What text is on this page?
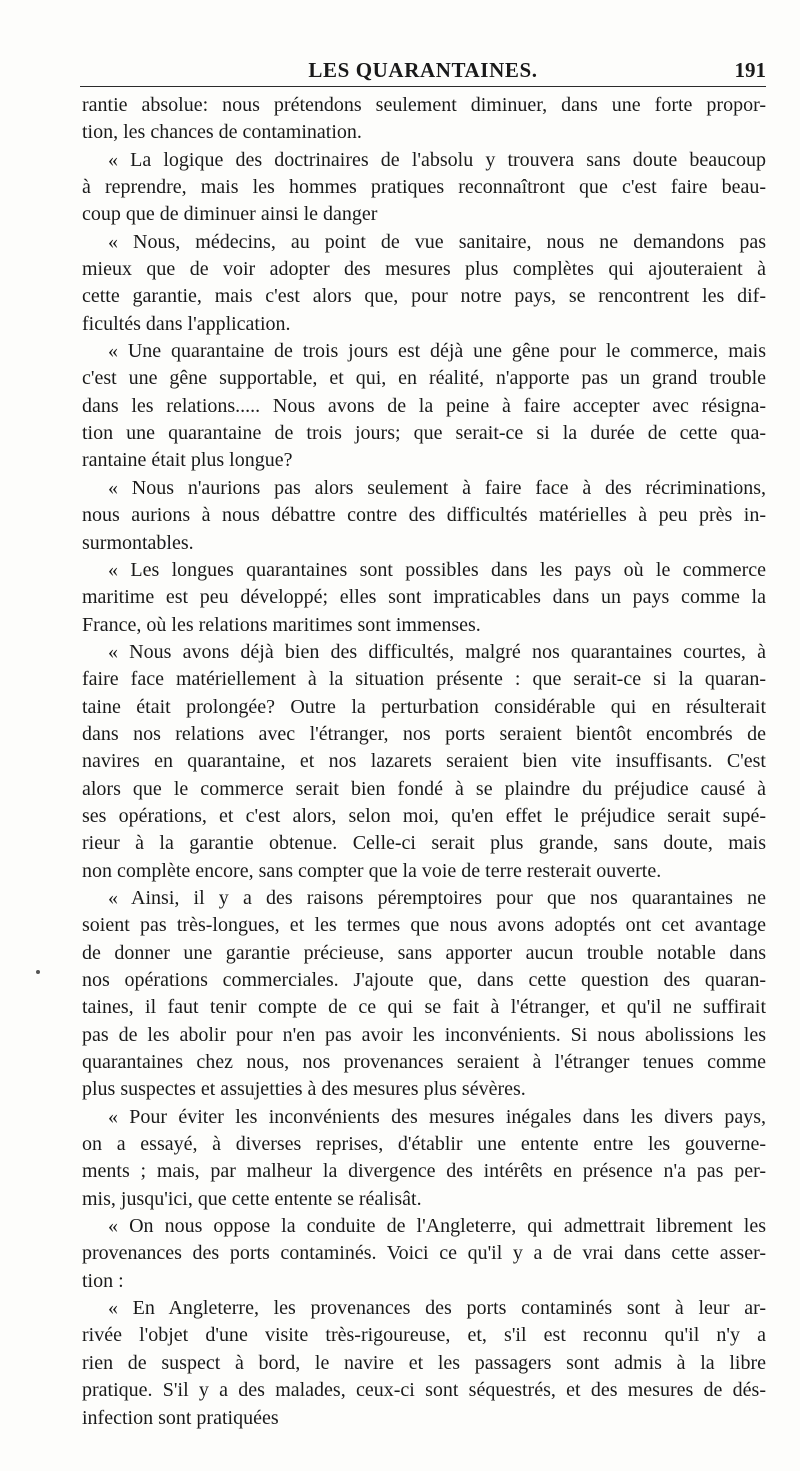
LES QUARANTAINES.	191
rantie absolue: nous prétendons seulement diminuer, dans une forte propor-
tion, les chances de contamination.
« La logique des doctrinaires de l'absolu y trouvera sans doute beaucoup
à reprendre, mais les hommes pratiques reconnaîtront que c'est faire beau-
coup que de diminuer ainsi le danger
« Nous, médecins, au point de vue sanitaire, nous ne demandons pas
mieux que de voir adopter des mesures plus complètes qui ajouteraient à
cette garantie, mais c'est alors que, pour notre pays, se rencontrent les dif-
ficultés dans l'application.
« Une quarantaine de trois jours est déjà une gêne pour le commerce, mais
c'est une gêne supportable, et qui, en réalité, n'apporte pas un grand trouble
dans les relations..... Nous avons de la peine à faire accepter avec résigna-
tion une quarantaine de trois jours; que serait-ce si la durée de cette qua-
rantaine était plus longue?
« Nous n'aurions pas alors seulement à faire face à des récriminations,
nous aurions à nous débattre contre des difficultés matérielles à peu près in-
surmontables.
« Les longues quarantaines sont possibles dans les pays où le commerce
maritime est peu développé; elles sont impraticables dans un pays comme la
France, où les relations maritimes sont immenses.
« Nous avons déjà bien des difficultés, malgré nos quarantaines courtes, à
faire face matériellement à la situation présente : que serait-ce si la quaran-
taine était prolongée? Outre la perturbation considérable qui en résulterait
dans nos relations avec l'étranger, nos ports seraient bientôt encombrés de
navires en quarantaine, et nos lazarets seraient bien vite insuffisants. C'est
alors que le commerce serait bien fondé à se plaindre du préjudice causé à
ses opérations, et c'est alors, selon moi, qu'en effet le préjudice serait supé-
rieur à la garantie obtenue. Celle-ci serait plus grande, sans doute, mais
non complète encore, sans compter que la voie de terre resterait ouverte.
« Ainsi, il y a des raisons péremptoires pour que nos quarantaines ne
soient pas très-longues, et les termes que nous avons adoptés ont cet avantage
de donner une garantie précieuse, sans apporter aucun trouble notable dans
nos opérations commerciales. J'ajoute que, dans cette question des quaran-
taines, il faut tenir compte de ce qui se fait à l'étranger, et qu'il ne suffirait
pas de les abolir pour n'en pas avoir les inconvénients. Si nous abolissions les
quarantaines chez nous, nos provenances seraient à l'étranger tenues comme
plus suspectes et assujetties à des mesures plus sévères.
« Pour éviter les inconvénients des mesures inégales dans les divers pays,
on a essayé, à diverses reprises, d'établir une entente entre les gouverne-
ments ; mais, par malheur la divergence des intérêts en présence n'a pas per-
mis, jusqu'ici, que cette entente se réalisât.
« On nous oppose la conduite de l'Angleterre, qui admettrait librement les
provenances des ports contaminés. Voici ce qu'il y a de vrai dans cette asser-
tion :
« En Angleterre, les provenances des ports contaminés sont à leur ar-
rivée l'objet d'une visite très-rigoureuse, et, s'il est reconnu qu'il n'y a
rien de suspect à bord, le navire et les passagers sont admis à la libre
pratique. S'il y a des malades, ceux-ci sont séquestrés, et des mesures de dés-
infection sont pratiquées
